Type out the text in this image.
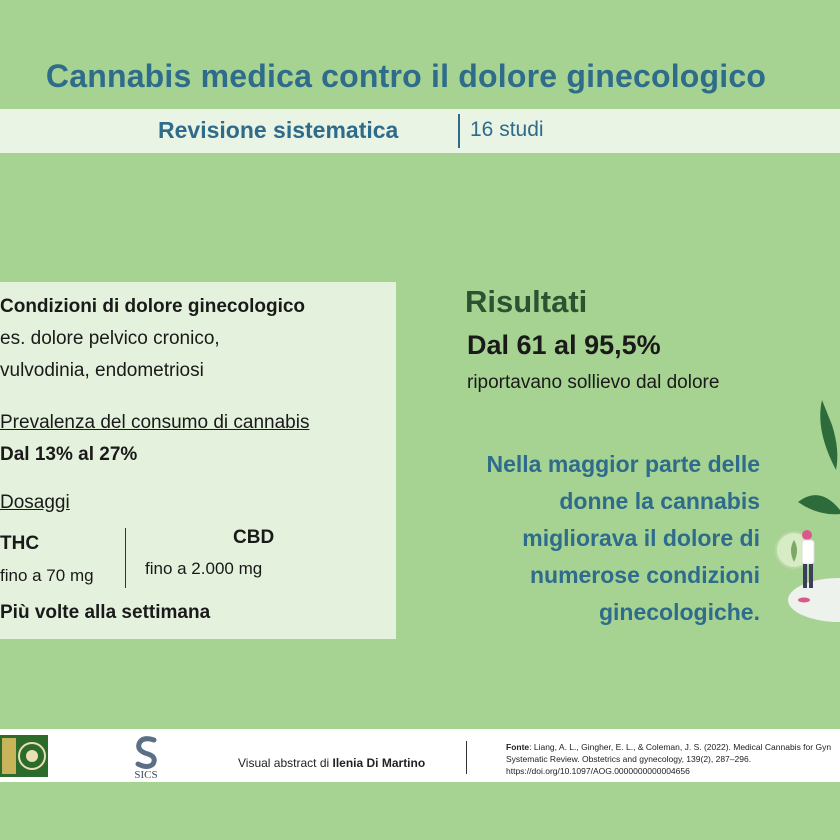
Cannabis medica contro il dolore ginecologico
Revisione sistematica	16 studi
Condizioni di dolore ginecologico
es. dolore pelvico cronico,
vulvodinia, endometriosi
Prevalenza del consumo di cannabis
Dal 13% al 27%
Dosaggi
THC
fino a 70 mg
CBD
fino a 2.000 mg
Più volte alla settimana
Risultati
Dal 61 al 95,5%
riportavano sollievo dal dolore
Nella maggior parte delle
donne la cannabis
migliorava il dolore di
numerose condizioni
ginecologiche.
SICS
Visual abstract di Ilenia Di Martino
Fonte: Liang, A. L., Gingher, E. L., & Coleman, J. S. (2022). Medical Cannabis for Gyn
Systematic Review. Obstetrics and gynecology, 139(2), 287–296.
https://doi.org/10.1097/AOG.0000000000004656
